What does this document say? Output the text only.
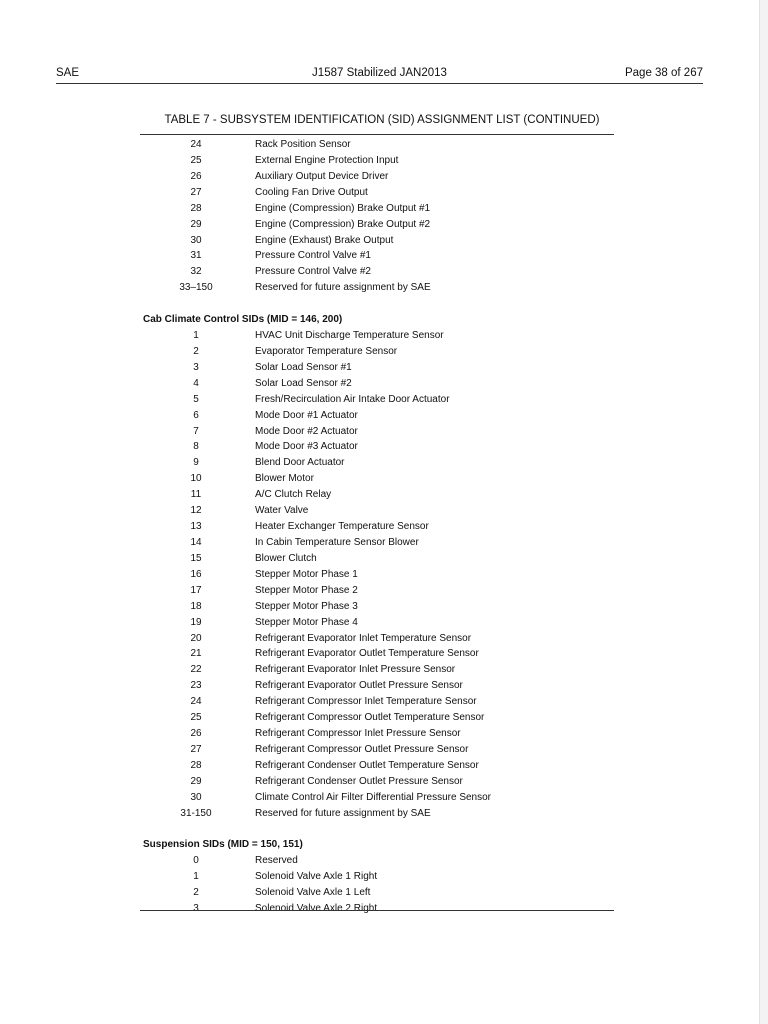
SAE	J1587 Stabilized JAN2013	Page 38 of 267
TABLE 7 - SUBSYSTEM IDENTIFICATION (SID) ASSIGNMENT LIST (CONTINUED)
24	Rack Position Sensor
25	External Engine Protection Input
26	Auxiliary Output Device Driver
27	Cooling Fan Drive Output
28	Engine (Compression) Brake Output #1
29	Engine (Compression) Brake Output #2
30	Engine (Exhaust) Brake Output
31	Pressure Control Valve #1
32	Pressure Control Valve #2
33–150	Reserved for future assignment by SAE
Cab Climate Control SIDs (MID = 146, 200)
1	HVAC Unit Discharge Temperature Sensor
2	Evaporator Temperature Sensor
3	Solar Load Sensor #1
4	Solar Load Sensor #2
5	Fresh/Recirculation Air Intake Door Actuator
6	Mode Door #1 Actuator
7	Mode Door #2 Actuator
8	Mode Door #3 Actuator
9	Blend Door Actuator
10	Blower Motor
11	A/C Clutch Relay
12	Water Valve
13	Heater Exchanger Temperature Sensor
14	In Cabin Temperature Sensor Blower
15	Blower Clutch
16	Stepper Motor Phase 1
17	Stepper Motor Phase 2
18	Stepper Motor Phase 3
19	Stepper Motor Phase 4
20	Refrigerant Evaporator Inlet Temperature Sensor
21	Refrigerant Evaporator Outlet Temperature Sensor
22	Refrigerant Evaporator Inlet Pressure Sensor
23	Refrigerant Evaporator Outlet Pressure Sensor
24	Refrigerant Compressor Inlet Temperature Sensor
25	Refrigerant Compressor Outlet Temperature Sensor
26	Refrigerant Compressor Inlet Pressure Sensor
27	Refrigerant Compressor Outlet Pressure Sensor
28	Refrigerant Condenser Outlet Temperature Sensor
29	Refrigerant Condenser Outlet Pressure Sensor
30	Climate Control Air Filter Differential Pressure Sensor
31-150	Reserved for future assignment by SAE
Suspension SIDs (MID = 150, 151)
0	Reserved
1	Solenoid Valve Axle 1 Right
2	Solenoid Valve Axle 1 Left
3	Solenoid Valve Axle 2 Right
